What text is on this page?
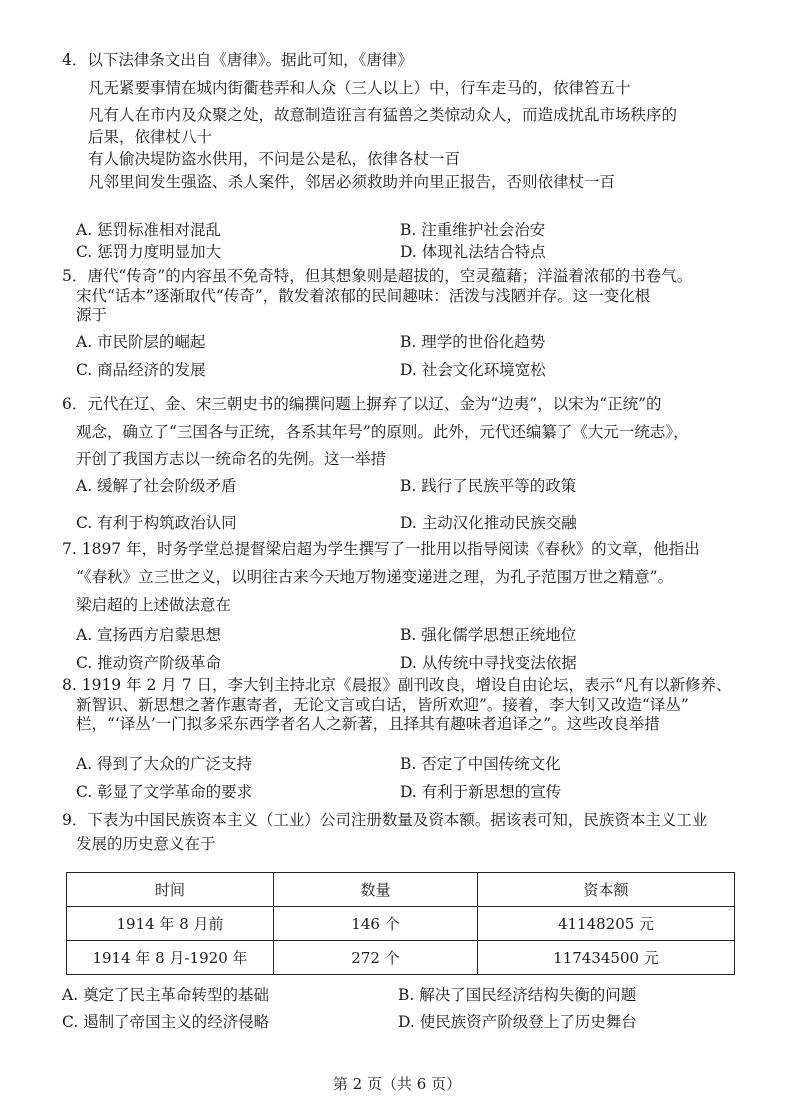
4．以下法律条文出自《唐律》。据此可知，《唐律》
凡无紧要事情在城内街衢巷弄和人众（三人以上）中，行车走马的，依律笞五十
凡有人在市内及众聚之处，故意制造诳言有猛兽之类惊动众人，而造成扰乱市场秩序的
后果，依律杖八十
有人偷决堤防盗水供用，不问是公是私，依律各杖一百
凡邻里间发生强盗、杀人案件，邻居必须救助并向里正报告，否则依律杖一百
A. 惩罚标准相对混乱	B. 注重维护社会治安
C. 惩罚力度明显加大	D. 体现礼法结合特点
5．唐代“传奇”的内容虽不免奇特，但其想象则是超拔的，空灵蕴藉；洋溢着浓郁的书卷气。
宋代“话本”逐渐取代“传奇”，散发着浓郁的民间趣味：活泼与浅陋并存。这一变化根
源于
A. 市民阶层的崛起	B. 理学的世俗化趋势
C. 商品经济的发展	D. 社会文化环境宽松
6．元代在辽、金、宋三朝史书的编撰问题上摒弃了以辽、金为“边夷”，以宋为“正统”的
观念，确立了“三国各与正统，各系其年号”的原则。此外，元代还编纂了《大元一统志》，
开创了我国方志以一统命名的先例。这一举措
A. 缓解了社会阶级矛盾	B. 践行了民族平等的政策
C. 有利于构筑政治认同	D. 主动汉化推动民族交融
7. 1897 年，时务学堂总提督梁启超为学生撰写了一批用以指导阅读《春秋》的文章，他指出
“《春秋》立三世之义，以明往古来今天地万物递变递进之理，为孔子范围万世之精意”。
梁启超的上述做法意在
A. 宣扬西方启蒙思想	B. 强化儒学思想正统地位
C. 推动资产阶级革命	D. 从传统中寻找变法依据
8. 1919 年 2 月 7 日，李大钊主持北京《晨报》副刊改良，增设自由论坛，表示“凡有以新修养、
新智识、新思想之著作惠寄者，无论文言或白话，皆所欢迎”。接着，李大钊又改造“译丛”
栏，“‘译丛’一门拟多采东西学者名人之新著，且择其有趣味者追译之”。这些改良举措
A. 得到了大众的广泛支持	B. 否定了中国传统文化
C. 彰显了文学革命的要求	D. 有利于新思想的宣传
9．下表为中国民族资本主义（工业）公司注册数量及资本额。据该表可知，民族资本主义工业
发展的历史意义在于
时间	数量	资本额
1914 年 8 月前	146 个	41148205 元
1914 年 8 月-1920 年	272 个	117434500 元
A. 奠定了民主革命转型的基础	B. 解决了国民经济结构失衡的问题
C. 遏制了帝国主义的经济侵略	D. 使民族资产阶级登上了历史舞台
第 2 页（共 6 页）
